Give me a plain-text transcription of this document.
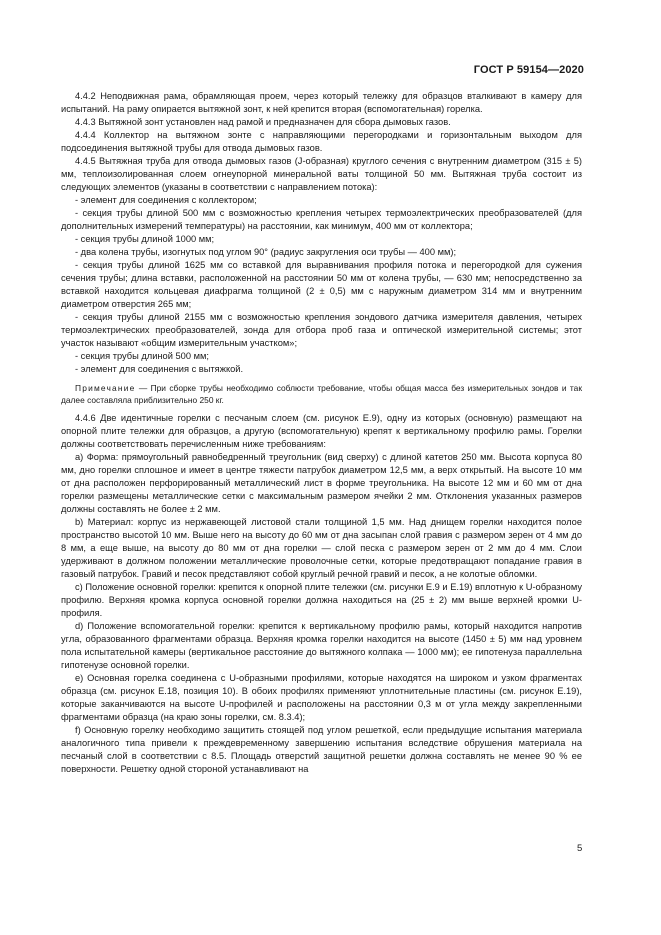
ГОСТ Р 59154—2020

4.4.2 Неподвижная рама, обрамляющая проем, через который тележку для образцов вталкивают в камеру для испытаний. На раму опирается вытяжной зонт, к ней крепится вторая (вспомогательная) горелка.

4.4.3 Вытяжной зонт установлен над рамой и предназначен для сбора дымовых газов.

4.4.4 Коллектор на вытяжном зонте с направляющими перегородками и горизонтальным выходом для подсоединения вытяжной трубы для отвода дымовых газов.

4.4.5 Вытяжная труба для отвода дымовых газов (J-образная) круглого сечения с внутренним диаметром (315 ± 5) мм, теплоизолированная слоем огнеупорной минеральной ваты толщиной 50 мм. Вытяжная труба состоит из следующих элементов (указаны в соответствии с направлением потока):

- элемент для соединения с коллектором;

- секция трубы длиной 500 мм с возможностью крепления четырех термоэлектрических преобразователей (для дополнительных измерений температуры) на расстоянии, как минимум, 400 мм от коллектора;

- секция трубы длиной 1000 мм;

- два колена трубы, изогнутых под углом 90° (радиус закругления оси трубы — 400 мм);

- секция трубы длиной 1625 мм со вставкой для выравнивания профиля потока и перегородкой для сужения сечения трубы; длина вставки, расположенной на расстоянии 50 мм от колена трубы, — 630 мм; непосредственно за вставкой находится кольцевая диафрагма толщиной (2 ± 0,5) мм с наружным диаметром 314 мм и внутренним диаметром отверстия 265 мм;

- секция трубы длиной 2155 мм с возможностью крепления зондового датчика измерителя давления, четырех термоэлектрических преобразователей, зонда для отбора проб газа и оптической измерительной системы; этот участок называют «общим измерительным участком»;

- секция трубы длиной 500 мм;

- элемент для соединения с вытяжкой.

Примечание — При сборке трубы необходимо соблюсти требование, чтобы общая масса без измерительных зондов и так далее составляла приблизительно 250 кг.

4.4.6 Две идентичные горелки с песчаным слоем (см. рисунок Е.9), одну из которых (основную) размещают на опорной плите тележки для образцов, а другую (вспомогательную) крепят к вертикальному профилю рамы. Горелки должны соответствовать перечисленным ниже требованиям:

a) Форма: прямоугольный равнобедренный треугольник (вид сверху) с длиной катетов 250 мм. Высота корпуса 80 мм, дно горелки сплошное и имеет в центре тяжести патрубок диаметром 12,5 мм, а верх открытый. На высоте 10 мм от дна расположен перфорированный металлический лист в форме треугольника. На высоте 12 мм и 60 мм от дна горелки размещены металлические сетки с максимальным размером ячейки 2 мм. Отклонения указанных размеров должны составлять не более ± 2 мм.

b) Материал: корпус из нержавеющей листовой стали толщиной 1,5 мм. Над днищем горелки находится полое пространство высотой 10 мм. Выше него на высоту до 60 мм от дна засыпан слой гравия с размером зерен от 4 мм до 8 мм, а еще выше, на высоту до 80 мм от дна горелки — слой песка с размером зерен от 2 мм до 4 мм. Слои удерживают в должном положении металлические проволочные сетки, которые предотвращают попадание гравия в газовый патрубок. Гравий и песок представляют собой круглый речной гравий и песок, а не колотые обломки.

c) Положение основной горелки: крепится к опорной плите тележки (см. рисунки Е.9 и Е.19) вплотную к U-образному профилю. Верхняя кромка корпуса основной горелки должна находиться на (25 ± 2) мм выше верхней кромки U-профиля.

d) Положение вспомогательной горелки: крепится к вертикальному профилю рамы, который находится напротив угла, образованного фрагментами образца. Верхняя кромка горелки находится на высоте (1450 ± 5) мм над уровнем пола испытательной камеры (вертикальное расстояние до вытяжного колпака — 1000 мм); ее гипотенуза параллельна гипотенузе основной горелки.

e) Основная горелка соединена с U-образными профилями, которые находятся на широком и узком фрагментах образца (см. рисунок Е.18, позиция 10). В обоих профилях применяют уплотнительные пластины (см. рисунок Е.19), которые заканчиваются на высоте U-профилей и расположены на расстоянии 0,3 м от угла между закрепленными фрагментами образца (на краю зоны горелки, см. 8.3.4);

f) Основную горелку необходимо защитить стоящей под углом решеткой, если предыдущие испытания материала аналогичного типа привели к преждевременному завершению испытания вследствие обрушения материала на песчаный слой в соответствии с 8.5. Площадь отверстий защитной решетки должна составлять не менее 90 % ее поверхности. Решетку одной стороной устанавливают на

5
